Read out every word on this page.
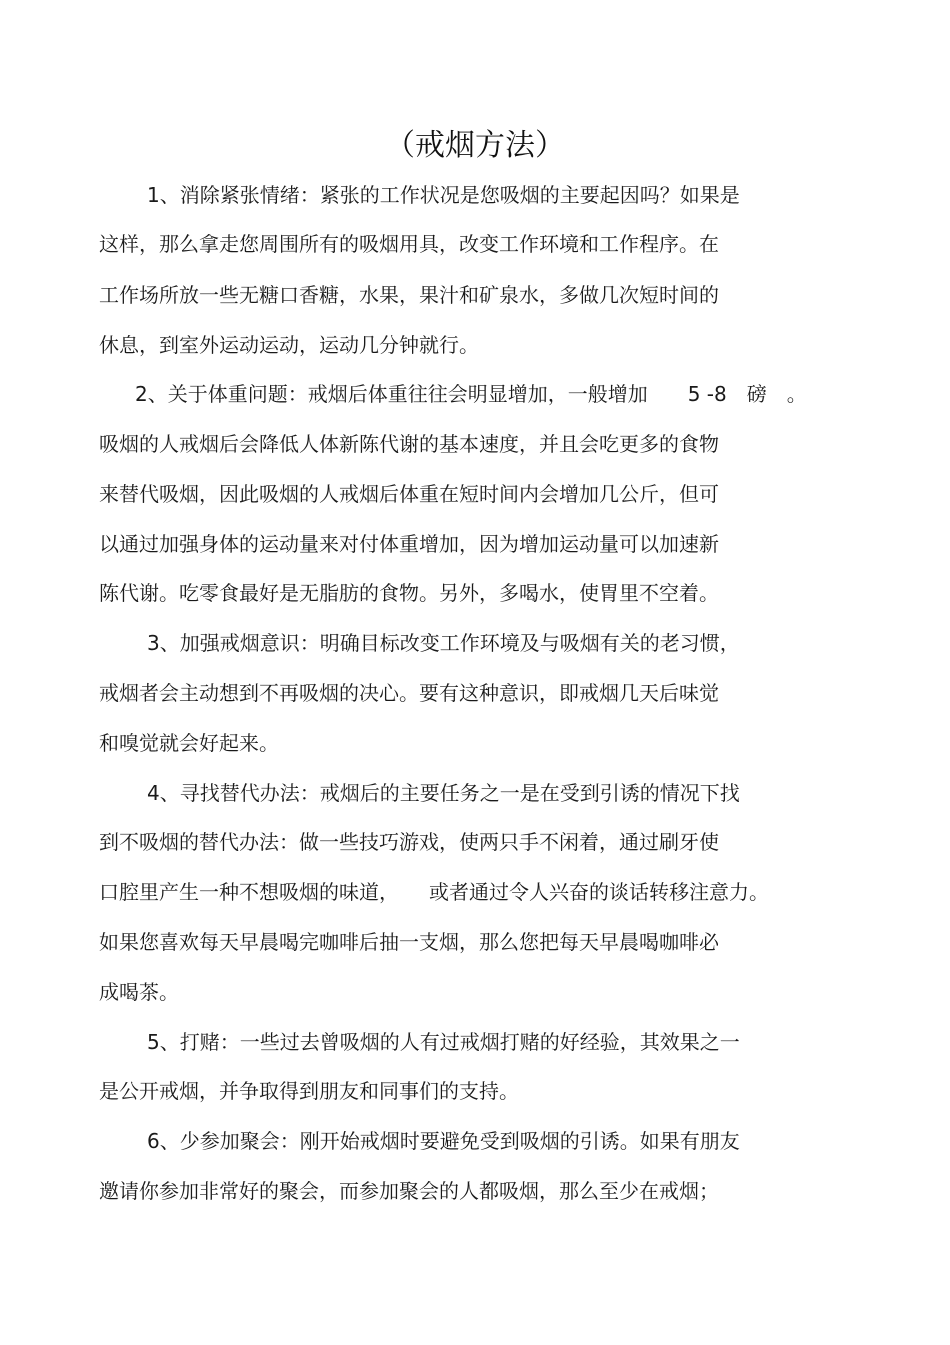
（戒烟方法）

1、消除紧张情绪：紧张的工作状况是您吸烟的主要起因吗？如果是

这样，那么拿走您周围所有的吸烟用具，改变工作环境和工作程序。在

工作场所放一些无糖口香糖，水果，果汁和矿泉水，多做几次短时间的

休息，到室外运动运动，运动几分钟就行。

2、关于体重问题：戒烟后体重往往会明显增加，一般增加　　5 -8　磅　。

吸烟的人戒烟后会降低人体新陈代谢的基本速度，并且会吃更多的食物

来替代吸烟，因此吸烟的人戒烟后体重在短时间内会增加几公斤，但可

以通过加强身体的运动量来对付体重增加，因为增加运动量可以加速新

陈代谢。吃零食最好是无脂肪的食物。另外，多喝水，使胃里不空着。

3、加强戒烟意识：明确目标改变工作环境及与吸烟有关的老习惯，

戒烟者会主动想到不再吸烟的决心。要有这种意识，即戒烟几天后味觉

和嗅觉就会好起来。

4、寻找替代办法：戒烟后的主要任务之一是在受到引诱的情况下找

到不吸烟的替代办法：做一些技巧游戏，使两只手不闲着，通过刷牙使

口腔里产生一种不想吸烟的味道，　　或者通过令人兴奋的谈话转移注意力。

如果您喜欢每天早晨喝完咖啡后抽一支烟，那么您把每天早晨喝咖啡必

成喝茶。

5、打赌：一些过去曾吸烟的人有过戒烟打赌的好经验，其效果之一

是公开戒烟，并争取得到朋友和同事们的支持。

6、少参加聚会：刚开始戒烟时要避免受到吸烟的引诱。如果有朋友

邀请你参加非常好的聚会，而参加聚会的人都吸烟，那么至少在戒烟；
